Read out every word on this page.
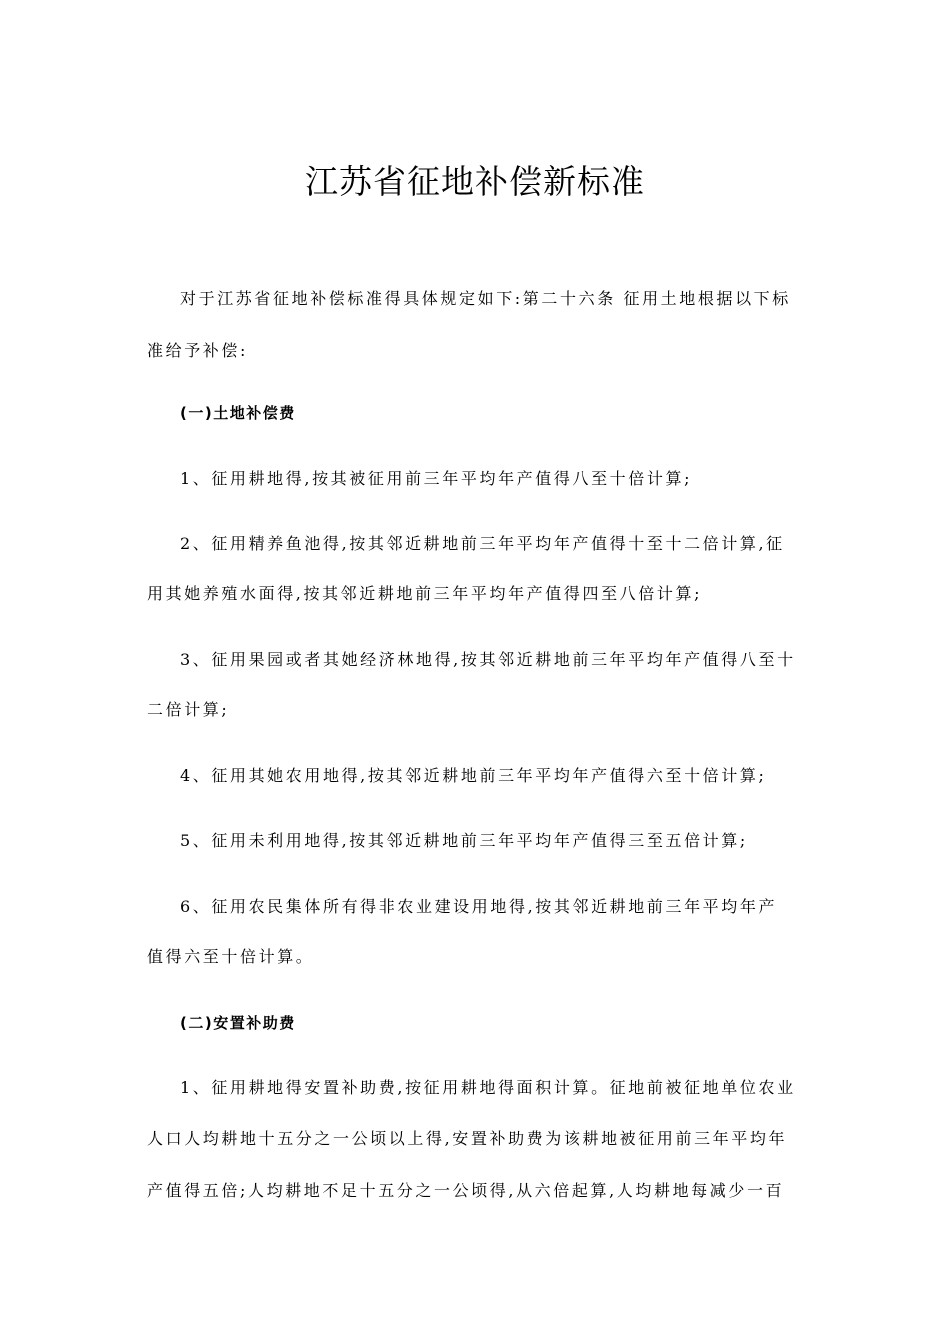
江苏省征地补偿新标准
对于江苏省征地补偿标准得具体规定如下:第二十六条 征用土地根据以下标
准给予补偿:
(一)土地补偿费
1、征用耕地得,按其被征用前三年平均年产值得八至十倍计算;
2、征用精养鱼池得,按其邻近耕地前三年平均年产值得十至十二倍计算,征
用其她养殖水面得,按其邻近耕地前三年平均年产值得四至八倍计算;
3、征用果园或者其她经济林地得,按其邻近耕地前三年平均年产值得八至十
二倍计算;
4、征用其她农用地得,按其邻近耕地前三年平均年产值得六至十倍计算;
5、征用未利用地得,按其邻近耕地前三年平均年产值得三至五倍计算;
6、征用农民集体所有得非农业建设用地得,按其邻近耕地前三年平均年产
值得六至十倍计算。
(二)安置补助费
1、征用耕地得安置补助费,按征用耕地得面积计算。征地前被征地单位农业
人口人均耕地十五分之一公顷以上得,安置补助费为该耕地被征用前三年平均年
产值得五倍;人均耕地不足十五分之一公顷得,从六倍起算,人均耕地每减少一百
